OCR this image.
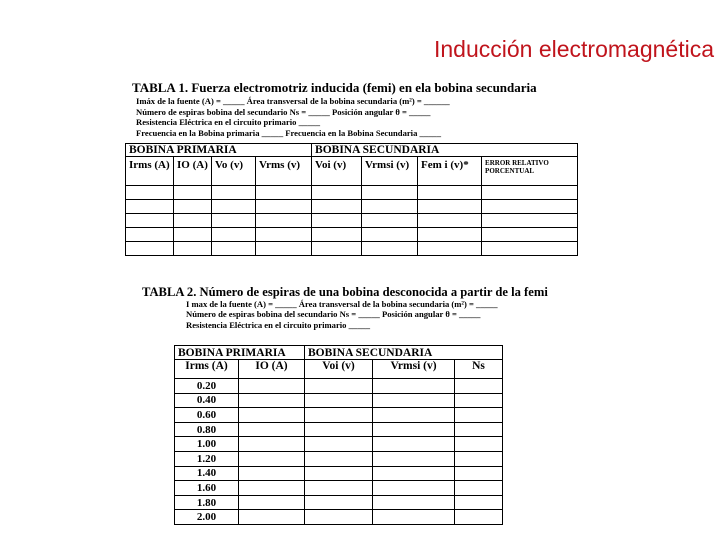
Inducción electromagnética
TABLA 1. Fuerza electromotriz inducida (femi) en ela bobina secundaria
Imáx de la fuente (A) = _____ Área transversal de la bobina secundaria (m²) = ______
Número de espiras bobina del secundario Ns = _____ Posición angular θ = _____
Resistencia Eléctrica en el circuito primario _____
Frecuencia en la Bobina primaria _____ Frecuencia en la Bobina Secundaria _____
BOBINA PRIMARIA				BOBINA SECUNDARIA			
Irms (A)	IO (A)	Vo (v)	Vrms (v)	Voi (v)	Vrmsi (v)	Fem i (v)*	ERROR RELATIVO PORCENTUAL

TABLA 2. Número de espiras de una bobina desconocida a partir de la femi
I max de la fuente (A) = _____ Área transversal de la bobina secundaria (m²) = _____
Número de espiras bobina del secundario Ns = _____ Posición angular θ = _____
Resistencia Eléctrica en el circuito primario _____
BOBINA PRIMARIA		BOBINA SECUNDARIA		
Irms (A)	IO (A)	Voi (v)	Vrmsi (v)	Ns
0.20				
0.40				
0.60				
0.80				
1.00				
1.20				
1.40				
1.60				
1.80				
2.00				
